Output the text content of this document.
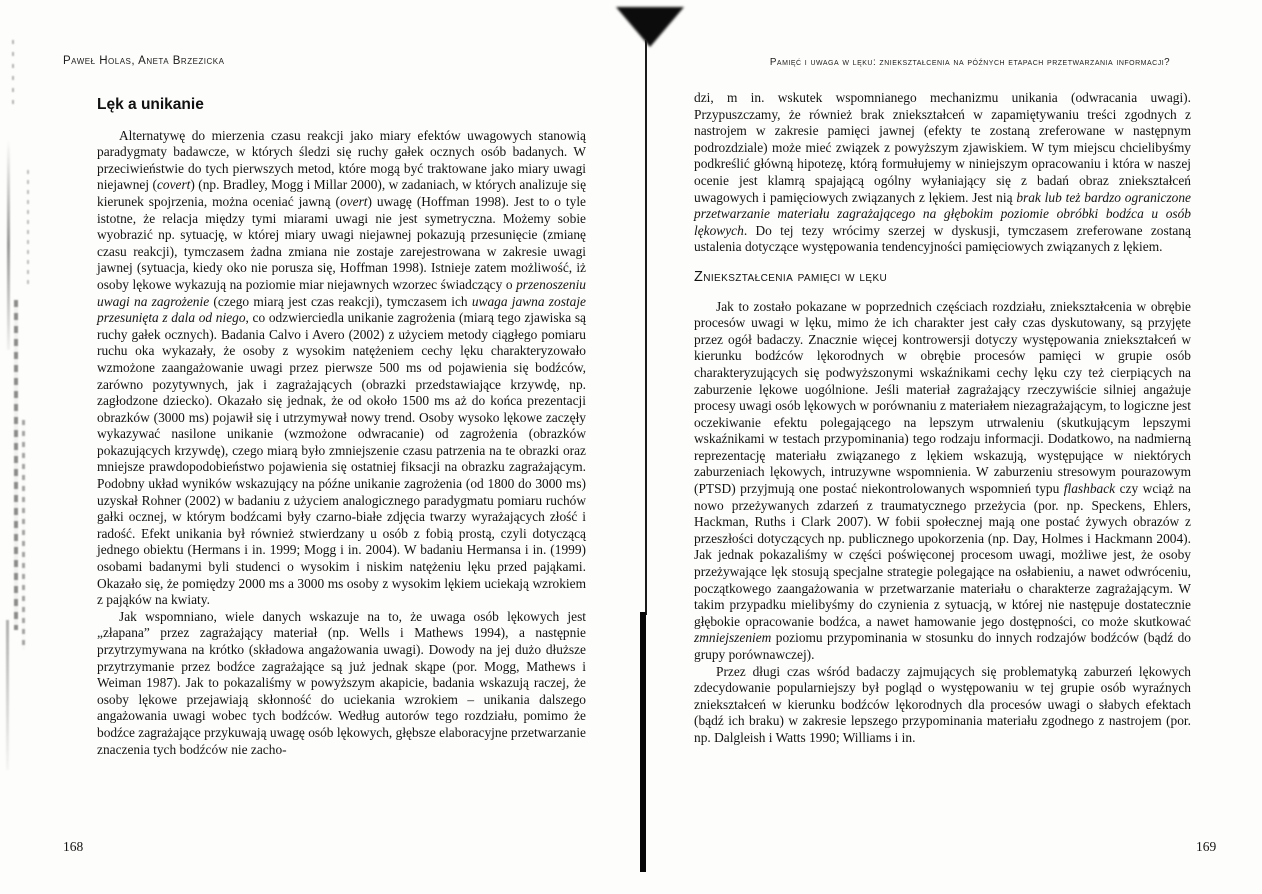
Paweł Holas, Aneta Brzezicka
Lęk a unikanie

Alternatywę do mierzenia czasu reakcji jako miary efektów uwagowych stanowią paradygmaty badawcze, w których śledzi się ruchy gałek ocznych osób badanych. W przeciwieństwie do tych pierwszych metod, które mogą być traktowane jako miary uwagi niejawnej (covert) (np. Bradley, Mogg i Millar 2000), w zadaniach, w których analizuje się kierunek spojrzenia, można oceniać jawną (overt) uwagę (Hoffman 1998). Jest to o tyle istotne, że relacja między tymi miarami uwagi nie jest symetryczna. Możemy sobie wyobrazić np. sytuację, w której miary uwagi niejawnej pokazują przesunięcie (zmianę czasu reakcji), tymczasem żadna zmiana nie zostaje zarejestrowana w zakresie uwagi jawnej (sytuacja, kiedy oko nie porusza się, Hoffman 1998). Istnieje zatem możliwość, iż osoby lękowe wykazują na poziomie miar niejawnych wzorzec świadczący o przenoszeniu uwagi na zagrożenie (czego miarą jest czas reakcji), tymczasem ich uwaga jawna zostaje przesunięta z dala od niego, co odzwierciedla unikanie zagrożenia (miarą tego zjawiska są ruchy gałek ocznych). Badania Calvo i Avero (2002) z użyciem metody ciągłego pomiaru ruchu oka wykazały, że osoby z wysokim natężeniem cechy lęku charakteryzowało wzmożone zaangażowanie uwagi przez pierwsze 500 ms od pojawienia się bodźców, zarówno pozytywnych, jak i zagrażających (obrazki przedstawiające krzywdę, np. zagłodzone dziecko). Okazało się jednak, że od około 1500 ms aż do końca prezentacji obrazków (3000 ms) pojawił się i utrzymywał nowy trend. Osoby wysoko lękowe zaczęły wykazywać nasilone unikanie (wzmożone odwracanie) od zagrożenia (obrazków pokazujących krzywdę), czego miarą było zmniejszenie czasu patrzenia na te obrazki oraz mniejsze prawdopodobieństwo pojawienia się ostatniej fiksacji na obrazku zagrażającym. Podobny układ wyników wskazujący na późne unikanie zagrożenia (od 1800 do 3000 ms) uzyskał Rohner (2002) w badaniu z użyciem analogicznego paradygmatu pomiaru ruchów gałki ocznej, w którym bodźcami były czarno-białe zdjęcia twarzy wyrażających złość i radość. Efekt unikania był również stwierdzany u osób z fobią prostą, czyli dotyczącą jednego obiektu (Hermans i in. 1999; Mogg i in. 2004). W badaniu Hermansa i in. (1999) osobami badanymi byli studenci o wysokim i niskim natężeniu lęku przed pająkami. Okazało się, że pomiędzy 2000 ms a 3000 ms osoby z wysokim lękiem uciekają wzrokiem z pająków na kwiaty.

Jak wspomniano, wiele danych wskazuje na to, że uwaga osób lękowych jest „złapana” przez zagrażający materiał (np. Wells i Mathews 1994), a następnie przytrzymywana na krótko (składowa angażowania uwagi). Dowody na jej dużo dłuższe przytrzymanie przez bodźce zagrażające są już jednak skąpe (por. Mogg, Mathews i Weiman 1987). Jak to pokazaliśmy w powyższym akapicie, badania wskazują raczej, że osoby lękowe przejawiają skłonność do uciekania wzrokiem – unikania dalszego angażowania uwagi wobec tych bodźców. Według autorów tego rozdziału, pomimo że bodźce zagrażające przykuwają uwagę osób lękowych, głębsze elaboracyjne przetwarzanie znaczenia tych bodźców nie zacho-

168
Pamięć i uwaga w lęku: zniekształcenia na późnych etapach przetwarzania informacji?

dzi, m in. wskutek wspomnianego mechanizmu unikania (odwracania uwagi). Przypuszczamy, że również brak zniekształceń w zapamiętywaniu treści zgodnych z nastrojem w zakresie pamięci jawnej (efekty te zostaną zreferowane w następnym podrozdziale) może mieć związek z powyższym zjawiskiem. W tym miejscu chcielibyśmy podkreślić główną hipotezę, którą formułujemy w niniejszym opracowaniu i która w naszej ocenie jest klamrą spajającą ogólny wyłaniający się z badań obraz zniekształceń uwagowych i pamięciowych związanych z lękiem. Jest nią brak lub też bardzo ograniczone przetwarzanie materiału zagrażającego na głębokim poziomie obróbki bodźca u osób lękowych. Do tej tezy wrócimy szerzej w dyskusji, tymczasem zreferowane zostaną ustalenia dotyczące występowania tendencyjności pamięciowych związanych z lękiem.

Zniekształcenia pamięci w lęku

Jak to zostało pokazane w poprzednich częściach rozdziału, zniekształcenia w obrębie procesów uwagi w lęku, mimo że ich charakter jest cały czas dyskutowany, są przyjęte przez ogół badaczy. Znacznie więcej kontrowersji dotyczy występowania zniekształceń w kierunku bodźców lękorodnych w obrębie procesów pamięci w grupie osób charakteryzujących się podwyższonymi wskaźnikami cechy lęku czy też cierpiących na zaburzenie lękowe uogólnione. Jeśli materiał zagrażający rzeczywiście silniej angażuje procesy uwagi osób lękowych w porównaniu z materiałem niezagrażającym, to logiczne jest oczekiwanie efektu polegającego na lepszym utrwaleniu (skutkującym lepszymi wskaźnikami w testach przypominania) tego rodzaju informacji. Dodatkowo, na nadmierną reprezentację materiału związanego z lękiem wskazują, występujące w niektórych zaburzeniach lękowych, intruzywne wspomnienia. W zaburzeniu stresowym pourazowym (PTSD) przyjmują one postać niekontrolowanych wspomnień typu flashback czy wciąż na nowo przeżywanych zdarzeń z traumatycznego przeżycia (por. np. Speckens, Ehlers, Hackman, Ruths i Clark 2007). W fobii społecznej mają one postać żywych obrazów z przeszłości dotyczących np. publicznego upokorzenia (np. Day, Holmes i Hackmann 2004). Jak jednak pokazaliśmy w części poświęconej procesom uwagi, możliwe jest, że osoby przeżywające lęk stosują specjalne strategie polegające na osłabieniu, a nawet odwróceniu, początkowego zaangażowania w przetwarzanie materiału o charakterze zagrażającym. W takim przypadku mielibyśmy do czynienia z sytuacją, w której nie następuje dostatecznie głębokie opracowanie bodźca, a nawet hamowanie jego dostępności, co może skutkować zmniejszeniem poziomu przypominania w stosunku do innych rodzajów bodźców (bądź do grupy porównawczej).

Przez długi czas wśród badaczy zajmujących się problematyką zaburzeń lękowych zdecydowanie popularniejszy był pogląd o występowaniu w tej grupie osób wyraźnych zniekształceń w kierunku bodźców lękorodnych dla procesów uwagi o słabych efektach (bądź ich braku) w zakresie lepszego przypominania materiału zgodnego z nastrojem (por. np. Dalgleish i Watts 1990; Williams i in.

169
